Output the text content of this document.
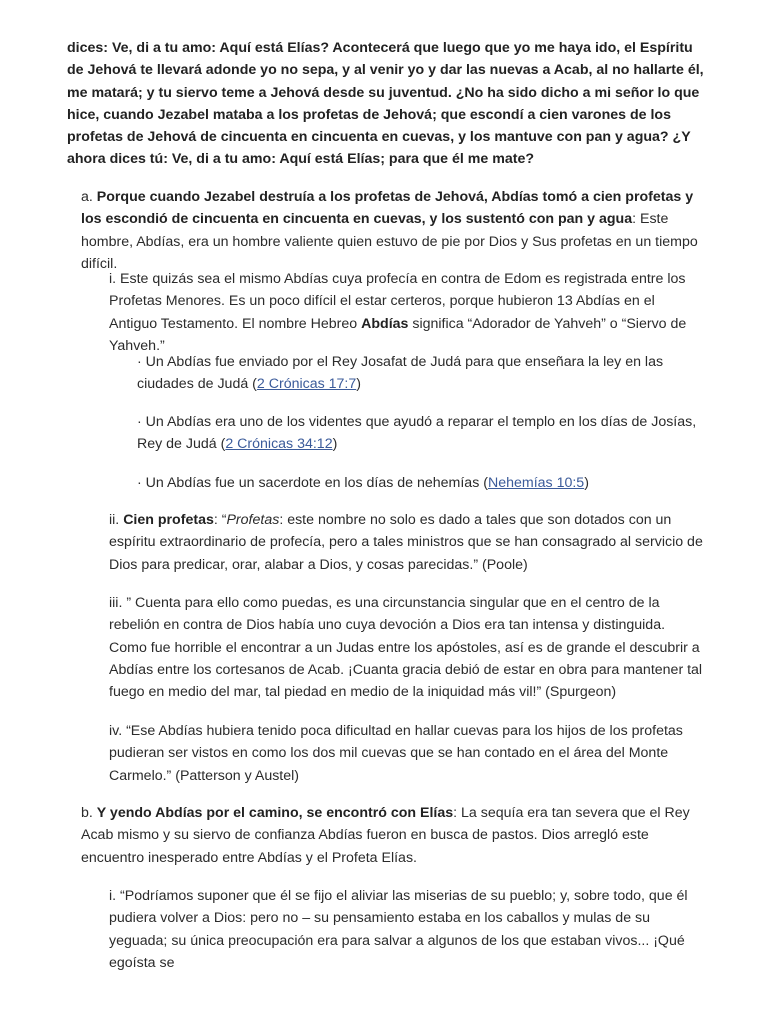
dices: Ve, di a tu amo: Aquí está Elías? Acontecerá que luego que yo me haya ido, el Espíritu de Jehová te llevará adonde yo no sepa, y al venir yo y dar las nuevas a Acab, al no hallarte él, me matará; y tu siervo teme a Jehová desde su juventud. ¿No ha sido dicho a mi señor lo que hice, cuando Jezabel mataba a los profetas de Jehová; que escondí a cien varones de los profetas de Jehová de cincuenta en cincuenta en cuevas, y los mantuve con pan y agua? ¿Y ahora dices tú: Ve, di a tu amo: Aquí está Elías; para que él me mate?

a. Porque cuando Jezabel destruía a los profetas de Jehová, Abdías tomó a cien profetas y los escondió de cincuenta en cincuenta en cuevas, y los sustentó con pan y agua: Este hombre, Abdías, era un hombre valiente quien estuvo de pie por Dios y Sus profetas en un tiempo difícil.

i. Este quizás sea el mismo Abdías cuya profecía en contra de Edom es registrada entre los Profetas Menores. Es un poco difícil el estar certeros, porque hubieron 13 Abdías en el Antiguo Testamento. El nombre Hebreo Abdías significa “Adorador de Yahveh” o “Siervo de Yahveh.”

· Un Abdías fue enviado por el Rey Josafat de Judá para que enseñara la ley en las ciudades de Judá (2 Crónicas 17:7)

· Un Abdías era uno de los videntes que ayudó a reparar el templo en los días de Josías, Rey de Judá (2 Crónicas 34:12)

· Un Abdías fue un sacerdote en los días de nehemías (Nehemías 10:5)

ii. Cien profetas: “Profetas: este nombre no solo es dado a tales que son dotados con un espíritu extraordinario de profecía, pero a tales ministros que se han consagrado al servicio de Dios para predicar, orar, alabar a Dios, y cosas parecidas.” (Poole)

iii. ” Cuenta para ello como puedas, es una circunstancia singular que en el centro de la rebelión en contra de Dios había uno cuya devoción a Dios era tan intensa y distinguida. Como fue horrible el encontrar a un Judas entre los apóstoles, así es de grande el descubrir a Abdías entre los cortesanos de Acab. ¡Cuanta gracia debió de estar en obra para mantener tal fuego en medio del mar, tal piedad en medio de la iniquidad más vil!” (Spurgeon)

iv. “Ese Abdías hubiera tenido poca dificultad en hallar cuevas para los hijos de los profetas pudieran ser vistos en como los dos mil cuevas que se han contado en el área del Monte Carmelo.” (Patterson y Austel)

b. Y yendo Abdías por el camino, se encontró con Elías: La sequía era tan severa que el Rey Acab mismo y su siervo de confianza Abdías fueron en busca de pastos. Dios arregló este encuentro inesperado entre Abdías y el Profeta Elías.

i. “Podríamos suponer que él se fijo el aliviar las miserias de su pueblo; y, sobre todo, que él pudiera volver a Dios: pero no – su pensamiento estaba en los caballos y mulas de su yeguada; su única preocupación era para salvar a algunos de los que estaban vivos... ¡Qué egoísta se
